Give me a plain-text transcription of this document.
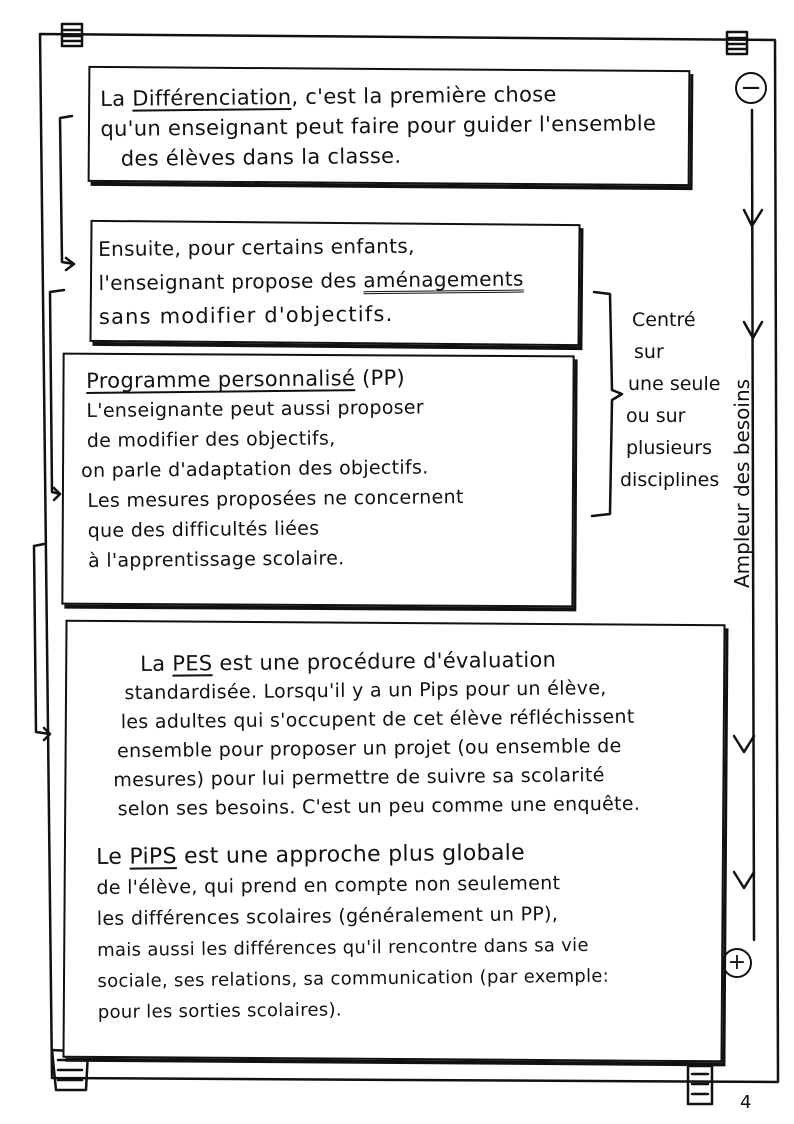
La Différenciation, c'est la première chose
qu'un enseignant peut faire pour guider l'ensemble
des élèves dans la classe.
Ensuite, pour certains enfants,
l'enseignant propose des aménagements
sans modifier d'objectifs.
Programme personnalisé (PP)
L'enseignante peut aussi proposer
de modifier des objectifs,
on parle d'adaptation des objectifs.
Les mesures proposées ne concernent
que des difficultés liées
à l'apprentissage scolaire.
Centré
sur
une seule
ou sur
plusieurs
disciplines
La PES est une procédure d'évaluation
standardisée. Lorsqu'il y a un Pips pour un élève,
les adultes qui s'occupent de cet élève réfléchissent
ensemble pour proposer un projet (ou ensemble de
mesures) pour lui permettre de suivre sa scolarité
selon ses besoins. C'est un peu comme une enquête.
Le PiPS est une approche plus globale
de l'élève, qui prend en compte non seulement
les différences scolaires (généralement un PP),
mais aussi les différences qu'il rencontre dans sa vie
sociale, ses relations, sa communication (par exemple:
pour les sorties scolaires).
−
+
Ampleur des besoins
4
